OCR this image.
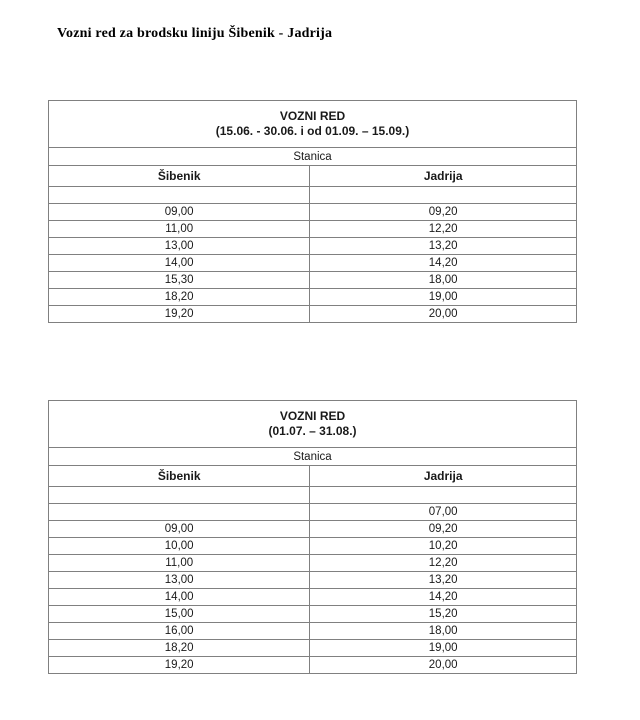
Vozni red za brodsku liniju Šibenik - Jadrija
VOZNI RED
(15.06. - 30.06. i od 01.09. – 15.09.)	

Stanica	
Šibenik	Jadrija

09,00	09,20
11,00	12,20
13,00	13,20
14,00	14,20
15,30	18,00
18,20	19,00
19,20	20,00
VOZNI RED
(01.07. – 31.08.)	

Stanica	
Šibenik	Jadrija

	07,00
09,00	09,20
10,00	10,20
11,00	12,20
13,00	13,20
14,00	14,20
15,00	15,20
16,00	18,00
18,20	19,00
19,20	20,00
